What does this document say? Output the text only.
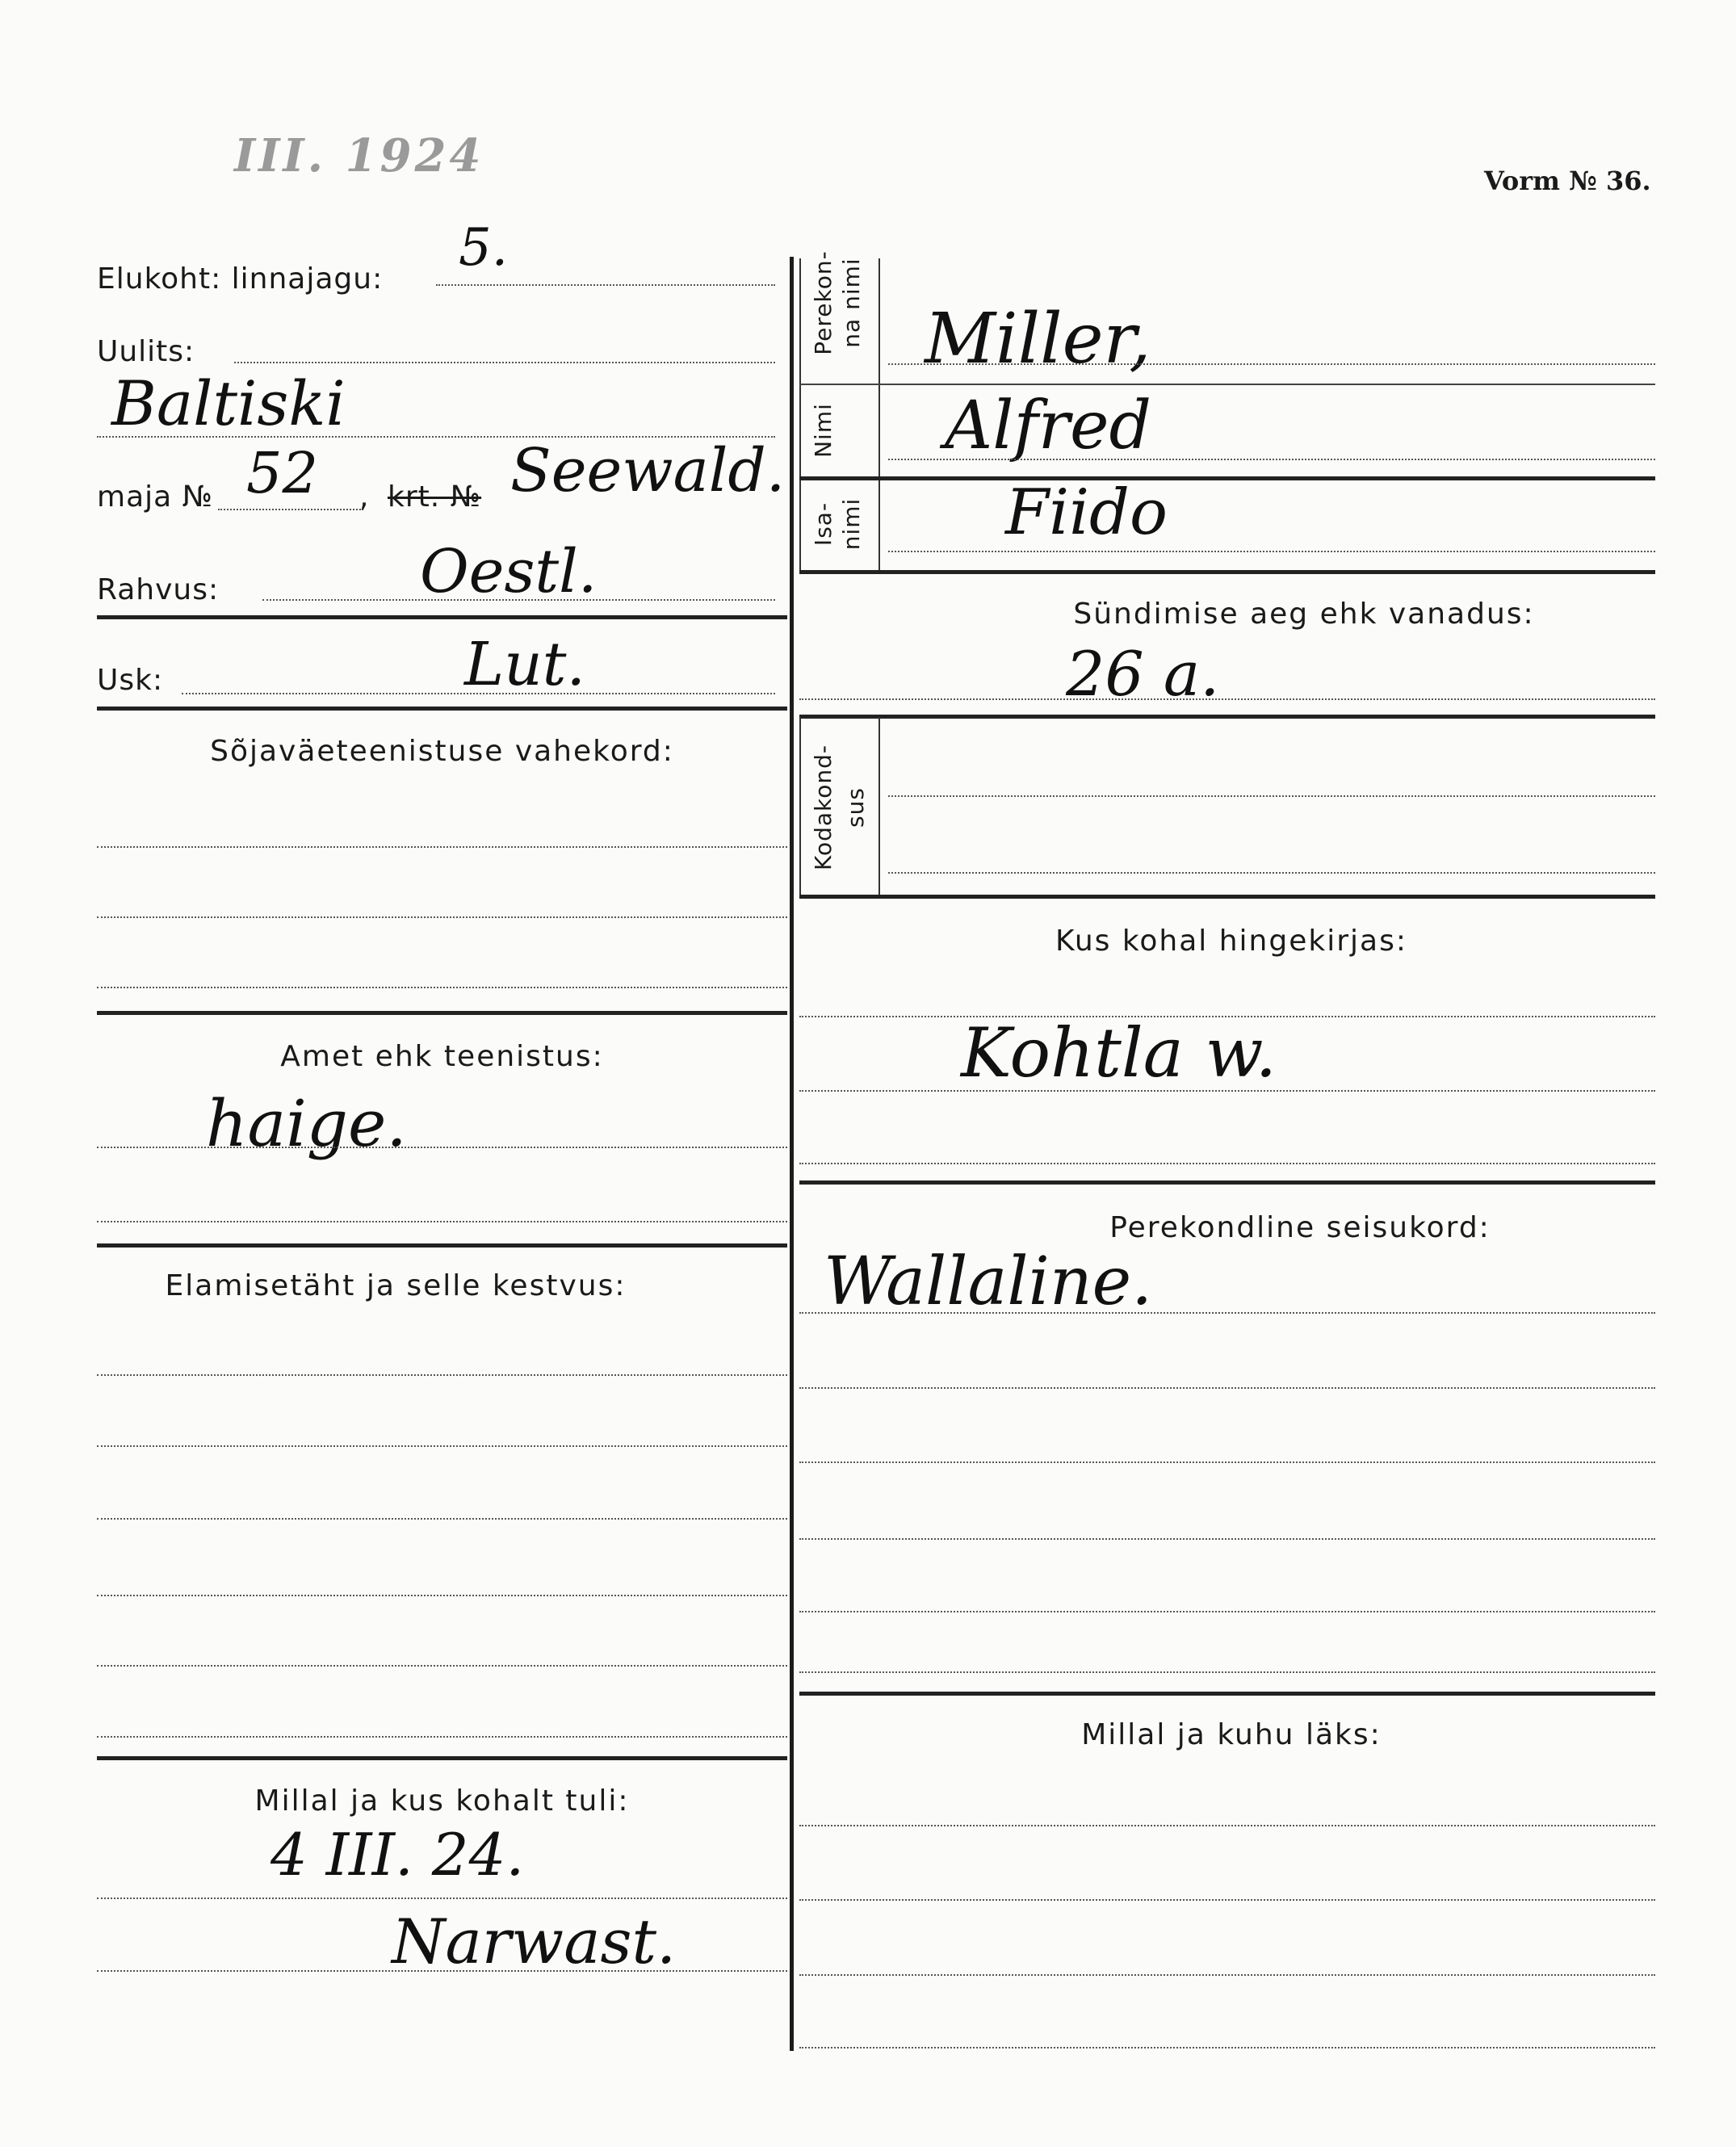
III. 1924	Vorm № 36.
Elukoht: linnajagu:
5.
Uulits:
Baltiski
maja № 52 , krt. № Seewald.
Rahvus:	Oestl.
Usk:	Lut.
Sõjaväeteenistuse vahekord:
Amet ehk teenistus:
haige.
Elamisetäht ja selle kestvus:
Millal ja kus kohalt tuli:
4 III. 24.
Narwast.
Perekon- na nimi Miller,
Nimi Alfred
Isa- nimi Fiido
Sündimise aeg ehk vanadus:
26 a.
Kodakond- sus
Kus kohal hingekirjas:
Kohtla w.
Perekondline seisukord:
Wallaline.
Millal ja kuhu läks:
